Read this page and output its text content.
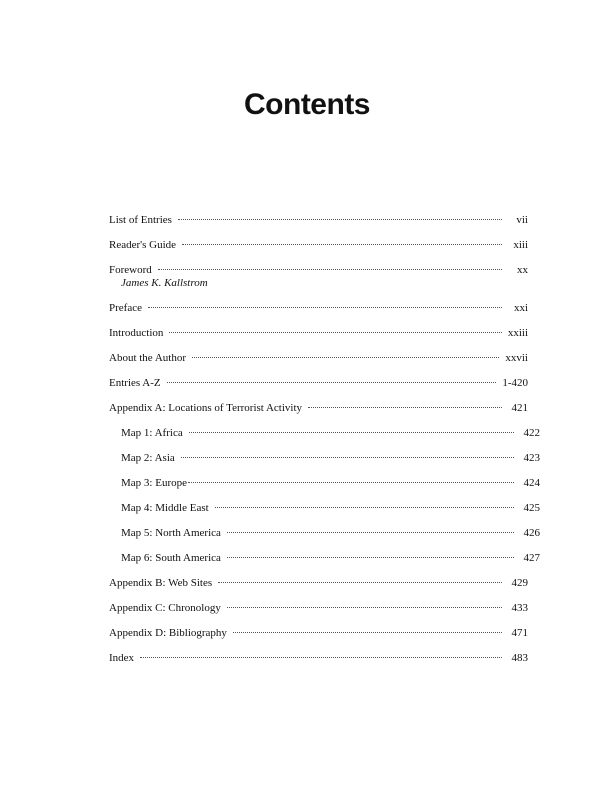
Contents
List of Entries	vii
Reader's Guide	xiii
Foreword	xx
James K. Kallstrom
Preface	xxi
Introduction	xxiii
About the Author	xxvii
Entries A-Z	1-420
Appendix A: Locations of Terrorist Activity	421
Map 1: Africa	422
Map 2: Asia	423
Map 3: Europe	424
Map 4: Middle East	425
Map 5: North America	426
Map 6: South America	427
Appendix B: Web Sites	429
Appendix C: Chronology	433
Appendix D: Bibliography	471
Index	483
